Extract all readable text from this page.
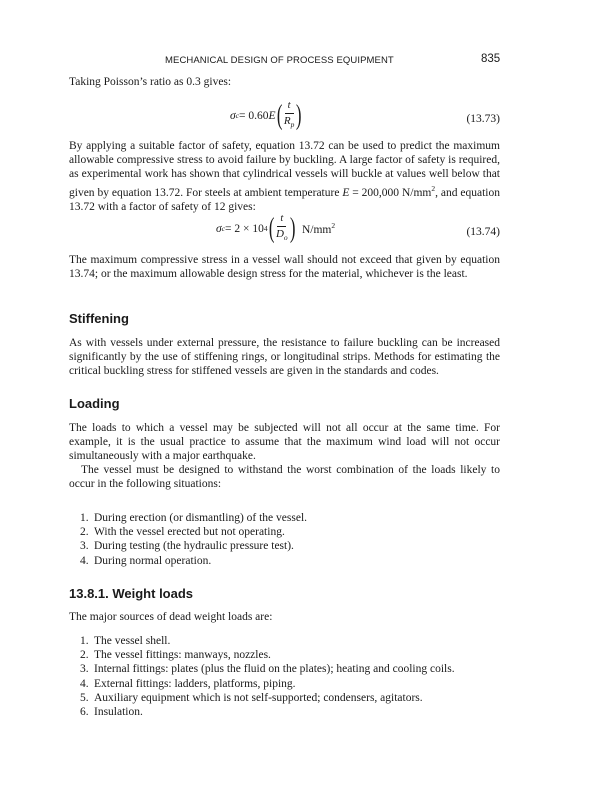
MECHANICAL DESIGN OF PROCESS EQUIPMENT	835

Taking Poisson’s ratio as 0.3 gives:

σ c = 0.60 E ( $\frac{t}{R_p}$ )	(13.73)

By applying a suitable factor of safety, equation 13.72 can be used to predict the maximum allowable compressive stress to avoid failure by buckling. A large factor of safety is required, as experimental work has shown that cylindrical vessels will buckle at values well below that given by equation 13.72. For steels at ambient temperature E = 200,000 $N/mm^2$, and equation 13.72 with a factor of safety of 12 gives:

σ c = 2 × 10 4 ( $\frac{t}{D_o}$ ) $N/mm^2$
(13.74)

The maximum compressive stress in a vessel wall should not exceed that given by equation 13.74; or the maximum allowable design stress for the material, whichever is the least.

Stiffening

As with vessels under external pressure, the resistance to failure buckling can be increased significantly by the use of stiffening rings, or longitudinal strips. Methods for estimating the critical buckling stress for stiffened vessels are given in the standards and codes.

Loading

The loads to which a vessel may be subjected will not all occur at the same time. For example, it is the usual practice to assume that the maximum wind load will not occur simultaneously with a major earthquake.

The vessel must be designed to withstand the worst combination of the loads likely to occur in the following situations:

1. During erection (or dismantling) of the vessel.
2. With the vessel erected but not operating.
3. During testing (the hydraulic pressure test).
4. During normal operation.
13.8.1. Weight loads

The major sources of dead weight loads are:

1. The vessel shell.
2. The vessel fittings: manways, nozzles.
3. Internal fittings: plates (plus the fluid on the plates); heating and cooling coils.
4. External fittings: ladders, platforms, piping.
5. Auxiliary equipment which is not self-supported; condensers, agitators.
6. Insulation.
